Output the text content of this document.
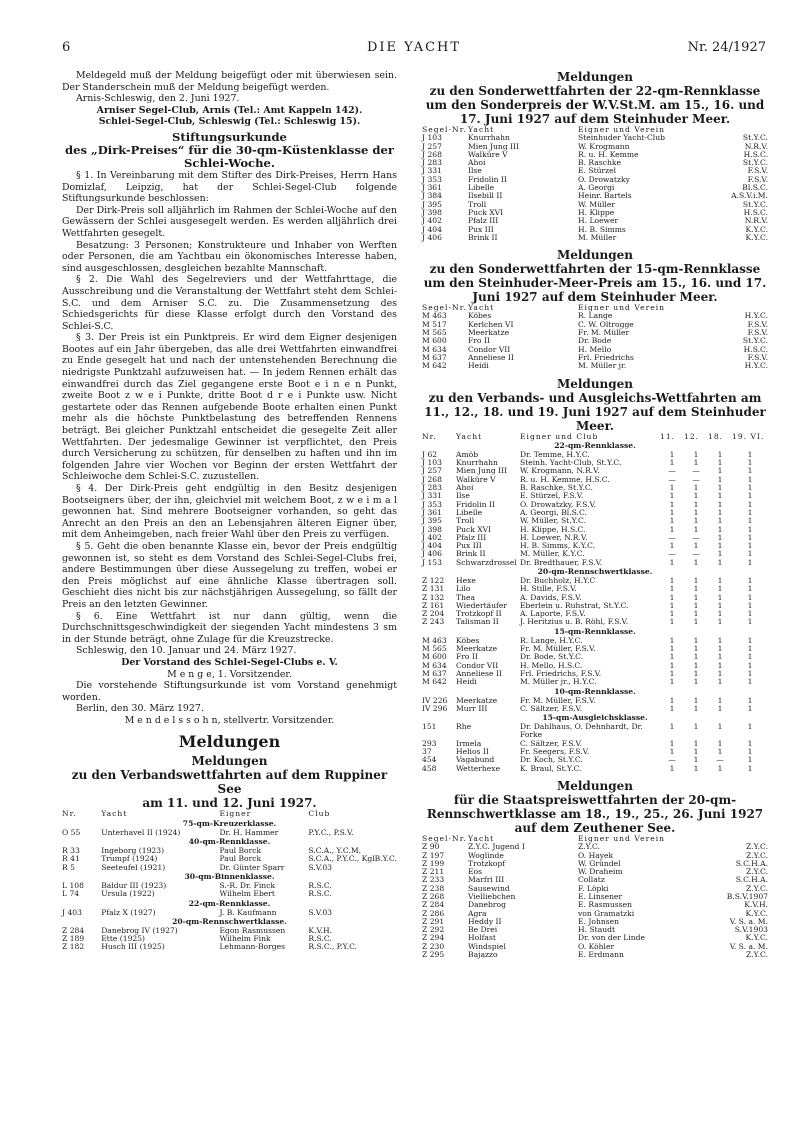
6	DIE YACHT	Nr. 24/1927

Meldegeld muß der Meldung beigefügt oder mit überwiesen sein. Der Standerschein muß der Meldung beigefügt werden.

Arnis-Schleswig, den 2. Juni 1927.

Arniser Segel-Club, Arnis (Tel.: Amt Kappeln 142).

Schlei-Segel-Club, Schleswig (Tel.: Schleswig 15).

Stiftungsurkunde

des „Dirk-Preises“ für die 30-qm-Küstenklasse der Schlei-Woche.

§ 1. In Vereinbarung mit dem Stifter des Dirk-Preises, Herrn Hans Domizlaf, Leipzig, hat der Schlei-Segel-Club folgende Stiftungsurkunde beschlossen:

Der Dirk-Preis soll alljährlich im Rahmen der Schlei-Woche auf den Gewässern der Schlei ausgesegelt werden. Es werden alljährlich drei Wettfahrten gesegelt.

Besatzung: 3 Personen; Konstrukteure und Inhaber von Werften oder Personen, die am Yachtbau ein ökonomisches Interesse haben, sind ausgeschlossen, desgleichen bezahlte Mannschaft.

§ 2. Die Wahl des Segelreviers und der Wettfahrttage, die Ausschreibung und die Veranstaltung der Wettfahrt steht dem Schlei-S.C. und dem Arniser S.C. zu. Die Zusammensetzung des Schiedsgerichts für diese Klasse erfolgt durch den Vorstand des Schlei-S.C.

§ 3. Der Preis ist ein Punktpreis. Er wird dem Eigner desjenigen Bootes auf ein Jahr übergeben, das alle drei Wettfahrten einwandfrei zu Ende gesegelt hat und nach der untenstehenden Berechnung die niedrigste Punktzahl aufzuweisen hat. — In jedem Rennen erhält das einwandfrei durch das Ziel gegangene erste Boot e i n e n Punkt, zweite Boot z w e i Punkte, dritte Boot d r e i Punkte usw. Nicht gestartete oder das Rennen aufgebende Boote erhalten einen Punkt mehr als die höchste Punktbelastung des betreffenden Rennens beträgt. Bei gleicher Punktzahl entscheidet die gesegelte Zeit aller Wettfahrten. Der jedesmalige Gewinner ist verpflichtet, den Preis durch Versicherung zu schützen, für denselben zu haften und ihn im folgenden Jahre vier Wochen vor Beginn der ersten Wettfahrt der Schleiwoche dem Schlei-S.C. zuzustellen.

§ 4. Der Dirk-Preis geht endgültig in den Besitz desjenigen Bootseigners über, der ihn, gleichviel mit welchem Boot, z w e i m a l gewonnen hat. Sind mehrere Bootseigner vorhanden, so geht das Anrecht an den Preis an den an Lebensjahren älteren Eigner über, mit dem Anheimgeben, nach freier Wahl über den Preis zu verfügen.

§ 5. Geht die oben benannte Klasse ein, bevor der Preis endgültig gewonnen ist, so steht es dem Vorstand des Schlei-Segel-Clubs frei, andere Bestimmungen über diese Aussegelung zu treffen, wobei er den Preis möglichst auf eine ähnliche Klasse übertragen soll. Geschieht dies nicht bis zur nächstjährigen Aussegelung, so fällt der Preis an den letzten Gewinner.

§ 6. Eine Wettfahrt ist nur dann gültig, wenn die Durchschnittsgeschwindigkeit der siegenden Yacht mindestens 3 sm in der Stunde beträgt, ohne Zulage für die Kreuzstrecke.

Schleswig, den 10. Januar und 24. März 1927.

Der Vorstand des Schlei-Segel-Clubs e. V.

M e n g e, 1. Vorsitzender.

Die vorstehende Stiftungsurkunde ist vom Vorstand genehmigt worden.

Berlin, den 30. März 1927.

M e n d e l s s o h n, stellvertr. Vorsitzender.

Meldungen

Meldungen

zu den Verbandswettfahrten auf dem Ruppiner See

am 11. und 12. Juni 1927.

Nr.	Yacht	Eigner	Club
75-qm-Kreuzerklasse.			
O 55	Unterhavel II (1924)	Dr. H. Hammer	P.Y.C., P.S.V.
40-qm-Rennklasse.			
R 33	Ingeborg (1923)	Paul Borck	S.C.A., Y.C.M.
R 41	Trumpf (1924)	Paul Borck	S.C.A., P.Y.C., KglB.Y.C.
R 5	Seeteufel (1921)	Dr. Günter Sparr	S.V.03
30-qm-Binnenklasse.			
L 108	Baldur III (1923)	S.-R. Dr. Finck	R.S.C.
L 74	Ursula (1922)	Wilhelm Ebert	R.S.C.
22-qm-Rennklasse.			
J 403	Pfalz X (1927)	J. B. Kaufmann	S.V.03
20-qm-Rennschwertklasse.			
Z 284	Danebrog IV (1927)	Egon Rasmussen	K.V.H.
Z 189	Ette (1925)	Wilhelm Fink	R.S.C.
Z 182	Husch III (1925)	Lehmann-Borges	R.S.C., P.Y.C.

Meldungen

zu den Sonderwettfahrten der 22-qm-Rennklasse um den Sonderpreis der W.V.St.M. am 15., 16. und 17. Juni 1927 auf dem Steinhuder Meer.

Segel-Nr.	Yacht	Eigner und Verein
J 103	Knurrhahn	Steinhuder Yacht-Club St.Y.C.

J 257	Mien Jung III	W. Krogmann N.R.V.

J 268	Walküre V	R. u. H. Kemme H.S.C.

J 283	Ahoi	B. Raschke St.Y.C.

J 331	Ilse	E. Stürzel F.S.V.

J 353	Fridolin II	O. Drowatzky F.S.V.

J 361	Libelle	A. Georgi Bl.S.C.

J 384	Ilsebill II	Heinr. Bartels A.S.V.i.M.

J 395	Troll	W. Müller St.Y.C.

J 398	Puck XVI	H. Klippe H.S.C.

J 402	Pfalz III	H. Loewer N.R.V.

J 404	Pux III	H. B. Simms K.Y.C.

J 406	Brink II	M. Müller K.Y.C.

Meldungen

zu den Sonderwettfahrten der 15-qm-Rennklasse um den Steinhuder-Meer-Preis am 15., 16. und 17. Juni 1927 auf dem Steinhuder Meer.

Segel-Nr.	Yacht	Eigner und Verein
M 463	Köbes	R. Lange H.Y.C.

M 517	Kerlchen VI	C. W. Oltrogge F.S.V.

M 565	Meerkatze	Fr. M. Müller F.S.V.

M 600	Fro II	Dr. Bode St.Y.C.

M 634	Condor VII	H. Mello H.S.C.

M 637	Anneliese II	Frl. Friedrichs F.S.V.

M 642	Heidi	M. Müller jr. H.Y.C.

Meldungen

zu den Verbands- und Ausgleichs-Wettfahrten am 11., 12., 18. und 19. Juni 1927 auf dem Steinhuder Meer.

Nr.	Yacht	Eigner und Club	11.	12.	18.	19. VI.
22-qm-Rennklasse.						
J 62	Amöb	Dr. Temme, H.Y.C.	1	1	1	1
J 103	Knurrhahn	Steinh. Yacht-Club, St.Y.C.	1	1	1	1
J 257	Mien Jung III	W. Krogmann, N.R.V.	—	—	1	1
J 268	Walküre V	R. u. H. Kemme, H.S.C.	—	—	1	1
J 283	Ahoi	B. Raschke, St.Y.C.	1	1	1	1
J 331	Ilse	E. Stürzel, F.S.V.	1	1	1	1
J 353	Fridolin II	O. Drowatzky, F.S.V.	1	1	1	1
J 361	Libelle	A. Georgi, Bl.S.C.	1	1	1	1
J 395	Troll	W. Müller, St.Y.C.	1	1	1	1
J 398	Puck XVI	H. Klippe, H.S.C.	1	1	1	1
J 402	Pfalz III	H. Loewer, N.R.V.	—	—	1	1
J 404	Pux III	H. B. Simms, K.Y.C.	1	1	1	1
J 406	Brink II	M. Müller, K.Y.C.	—	—	1	1
J 153	Schwarzdrossel	Dr. Bredthauer, F.S.V.	1	1	1	1
20-qm-Rennschwertklasse.						
Z 122	Hexe	Dr. Buchholz, H.Y.C	1	1	1	1
Z 131	Lilo	H. Stille, F.S.V.	1	1	1	1
Z 132	Thea	A. Davids, F.S.V.	1	1	1	1
Z 161	Wiedertäufer	Eberlein u. Ruhstrat, St.Y.C.	1	1	1	1
Z 204	Trotzkopf II	A. Laporte, F.S.V.	1	1	1	1
Z 243	Talisman II	J. Heritzius u. B. Röhl, F.S.V.	1	1	1	1
15-qm-Rennklasse.						
M 463	Köbes	R. Lange, H.Y.C.	1	1	1	1
M 565	Meerkatze	Fr. M. Müller, F.S.V.	1	1	1	1
M 600	Fro II	Dr. Bode, St.Y.C.	1	1	1	1
M 634	Condor VII	H. Mello, H.S.C.	1	1	1	1
M 637	Anneliese II	Frl. Friedrichs, F.S.V.	1	1	1	1
M 642	Heidi	M. Müller jr., H.Y.C.	1	1	1	1
10-qm-Rennklasse.						
IV 226	Meerkatze	Fr. M. Müller, F.S.V.	1	1	1	1
IV 296	Murr III	C. Sältzer, F.S.V.	1	1	1	1
15-qm-Ausgleichsklasse.						
151	Rhe	Dr. Dahlhaus, O. Dehnhardt, Dr. Forke	1	1	1	1
293	Irmela	C. Sältzer, F.S.V.	1	1	1	1
37	Helios II	Fr. Seegers, F.S.V.	1	1	1	1
454	Vagabund	Dr. Koch, St.Y.C.	—	1	—	1
458	Wetterhexe	K. Braul, St.Y.C.	1	1	1	1

Meldungen

für die Staatspreiswettfahrten der 20-qm-Rennschwertklasse am 18., 19., 25., 26. Juni 1927 auf dem Zeuthener See.

Segel-Nr.	Yacht	Eigner und Verein
Z 90	Z.Y.C. Jugend I	Z.Y.C. Z.Y.C.

Z 197	Woglinde	O. Hayek Z.Y.C.

Z 199	Trotzkopf	W. Gründel S.C.H.A.

Z 211	Eos	W. Draheim Z.Y.C.

Z 233	Marfri III	Collatz S.C.H.A.

Z 238	Sausewind	F. Löpki Z.Y.C.

Z 268	Vielliebchen	E. Linsener B.S.V.1907

Z 284	Danebrog	E. Rasmussen K.V.H.

Z 286	Agra	von Gramatzki K.Y.C.

Z 291	Heddy II	E. Johnsen V. S. a. M.

Z 292	Be Drei	H. Staudt S.V.1903

Z 294	Holfast	Dr. von der Linde K.Y.C.

Z 230	Windspiel	O. Köhler V. S. a. M.

Z 295	Bajazzo	E. Erdmann Z.Y.C.
